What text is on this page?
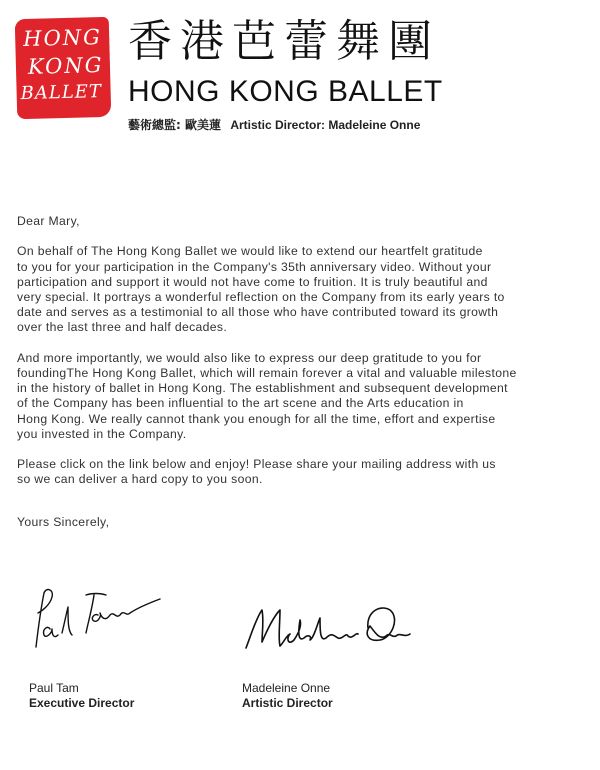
HONG
KONG
BALLET
香港芭蕾舞團
HONG KONG BALLET
藝術總監: 歐美蓮 Artistic Director: Madeleine Onne

Dear Mary,

On behalf of The Hong Kong Ballet we would like to extend our heartfelt gratitude
to you for your participation in the Company's 35th anniversary video. Without your
participation and support it would not have come to fruition. It is truly beautiful and
very special. It portrays a wonderful reflection on the Company from its early years to
date and serves as a testimonial to all those who have contributed toward its growth
over the last three and half decades.

And more importantly, we would also like to express our deep gratitude to you for
foundingThe Hong Kong Ballet, which will remain forever a vital and valuable milestone
in the history of ballet in Hong Kong. The establishment and subsequent development
of the Company has been influential to the art scene and the Arts education in
Hong Kong. We really cannot thank you enough for all the time, effort and expertise
you invested in the Company.

Please click on the link below and enjoy! Please share your mailing address with us
so we can deliver a hard copy to you soon.

Yours Sincerely,
Paul Tam
Executive Director
Madeleine Onne
Artistic Director
